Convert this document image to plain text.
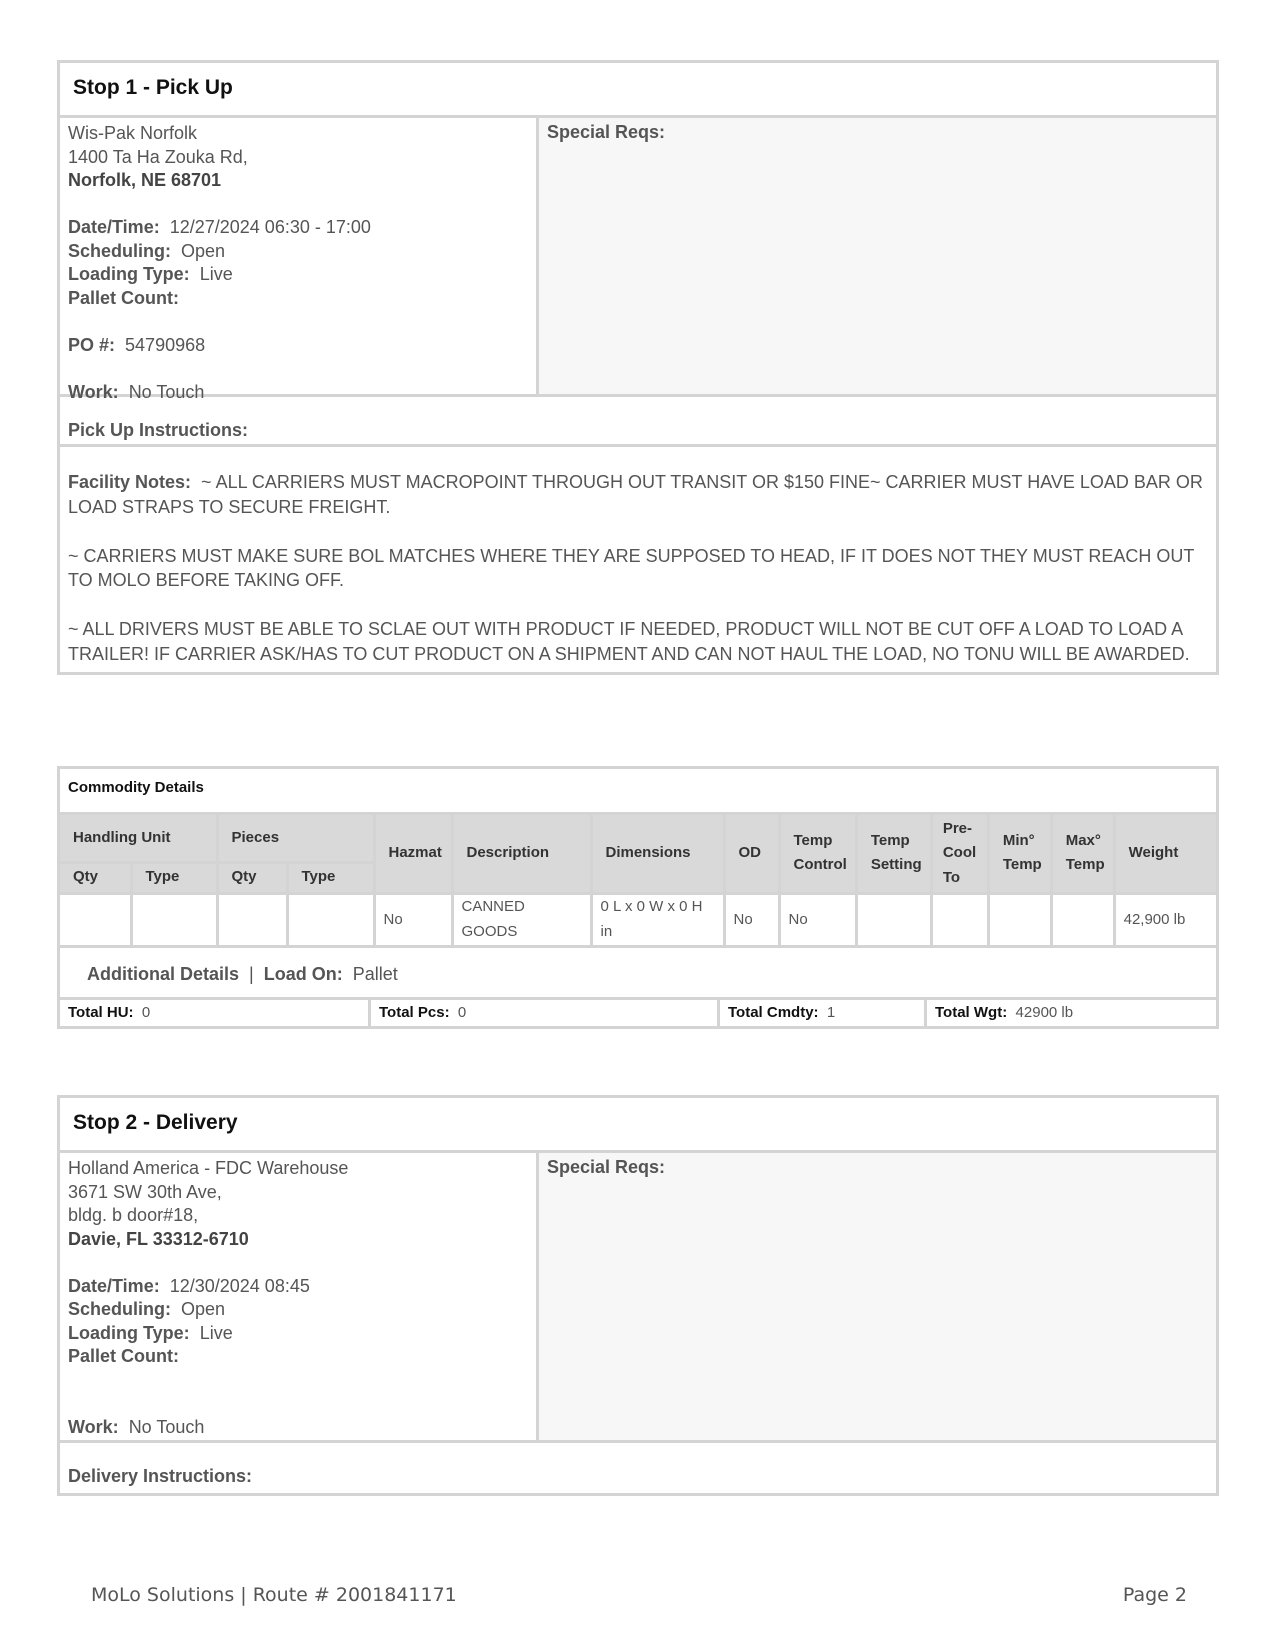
Stop 1 - Pick Up
Wis-Pak Norfolk
1400 Ta Ha Zouka Rd,
Norfolk, NE 68701
Date/Time: 12/27/2024 06:30 - 17:00
Scheduling: Open
Loading Type: Live
Pallet Count:
PO #: 54790968
Work: No Touch
Special Reqs:
Pick Up Instructions:

Facility Notes: ~ ALL CARRIERS MUST MACROPOINT THROUGH OUT TRANSIT OR $150 FINE~ CARRIER MUST HAVE LOAD BAR OR LOAD STRAPS TO SECURE FREIGHT.

~ CARRIERS MUST MAKE SURE BOL MATCHES WHERE THEY ARE SUPPOSED TO HEAD, IF IT DOES NOT THEY MUST REACH OUT TO MOLO BEFORE TAKING OFF.

~ ALL DRIVERS MUST BE ABLE TO SCLAE OUT WITH PRODUCT IF NEEDED, PRODUCT WILL NOT BE CUT OFF A LOAD TO LOAD A TRAILER! IF CARRIER ASK/HAS TO CUT PRODUCT ON A SHIPMENT AND CAN NOT HAUL THE LOAD, NO TONU WILL BE AWARDED.

Commodity Details
Handling Unit		Pieces		Hazmat	Description	Dimensions	OD	Temp Control	Temp Setting	Pre-Cool To	Min° Temp	Max° Temp	Weight
Qty	Type	Qty	Type										
				No	CANNED GOODS	0 L x 0 W x 0 H in	No	No					42,900 lb
Additional Details  |  Load On: Pallet
Total HU: 0	Total Pcs: 0	Total Cmdty: 1	Total Wgt: 42900 lb
Stop 2 - Delivery
Holland America - FDC Warehouse
3671 SW 30th Ave,
bldg. b door#18,
Davie, FL 33312-6710
Date/Time: 12/30/2024 08:45
Scheduling: Open
Loading Type: Live
Pallet Count:
Work: No Touch
Special Reqs:
Delivery Instructions:
MoLo Solutions | Route # 2001841171	Page 2
